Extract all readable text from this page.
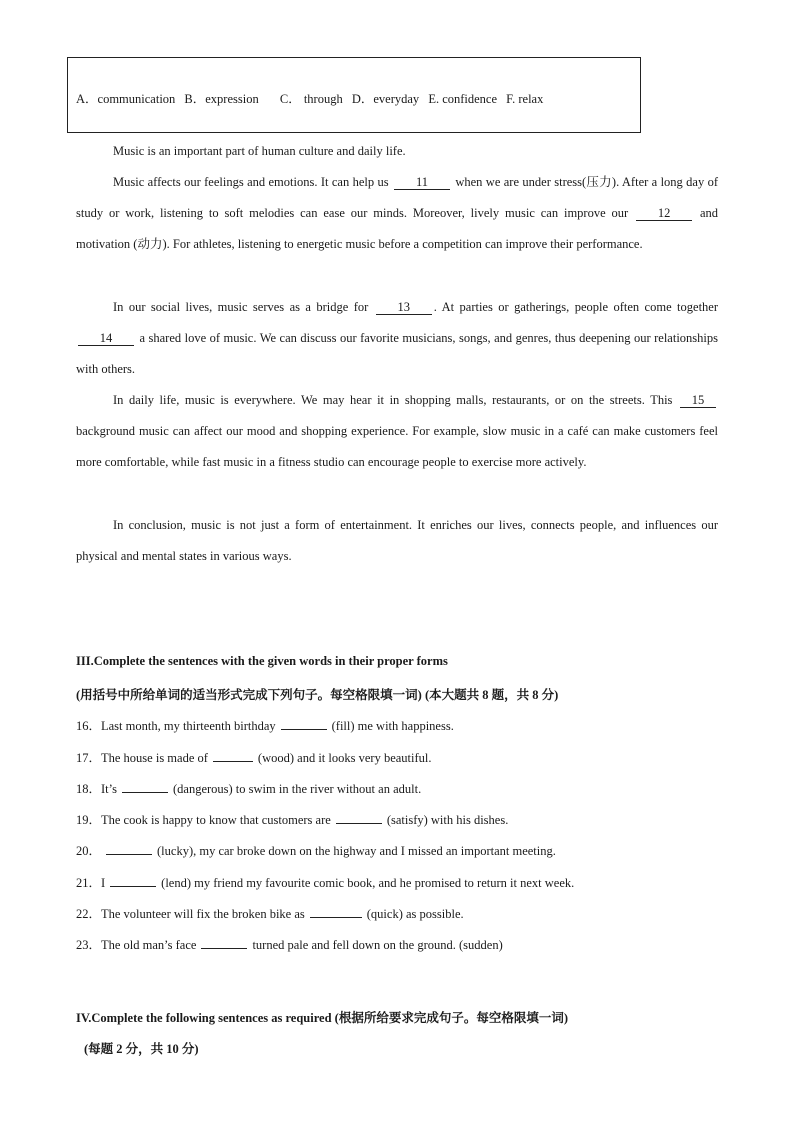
A．communication B．expression C． through D．everyday E. confidence F. relax
Music is an important part of human culture and daily life.
Music affects our feelings and emotions. It can help us 11 when we are under stress(压力). After a long day of study or work, listening to soft melodies can ease our minds. Moreover, lively music can improve our 12 and motivation (动力). For athletes, listening to energetic music before a competition can improve their performance.
In our social lives, music serves as a bridge for 13 . At parties or gatherings, people often come together 14 a shared love of music. We can discuss our favorite musicians, songs, and genres, thus deepening our relationships with others.
In daily life, music is everywhere. We may hear it in shopping malls, restaurants, or on the streets. This 15 background music can affect our mood and shopping experience. For example, slow music in a café can make customers feel more comfortable, while fast music in a fitness studio can encourage people to exercise more actively.
In conclusion, music is not just a form of entertainment. It enriches our lives, connects people, and influences our physical and mental states in various ways.
III.Complete the sentences with the given words in their proper forms
(用括号中所给单词的适当形式完成下列句子。每空格限填一词) (本大题共 8 题，共 8 分)
16．Last month, my thirteenth birthday	(fill) me with happiness.
17．The house is made of	(wood) and it looks very beautiful.
18．It’s	(dangerous) to swim in the river without an adult.
19．The cook is happy to know that customers are	(satisfy) with his dishes.
20．	(lucky), my car broke down on the highway and I missed an important meeting.
21．I	(lend) my friend my favourite comic book, and he promised to return it next week.
22．The volunteer will fix the broken bike as	(quick) as possible.
23．The old man’s face	turned pale and fell down on the ground. (sudden)
IV.Complete the following sentences as required (根据所给要求完成句子。每空格限填一词)
(每题 2 分，共 10 分)
